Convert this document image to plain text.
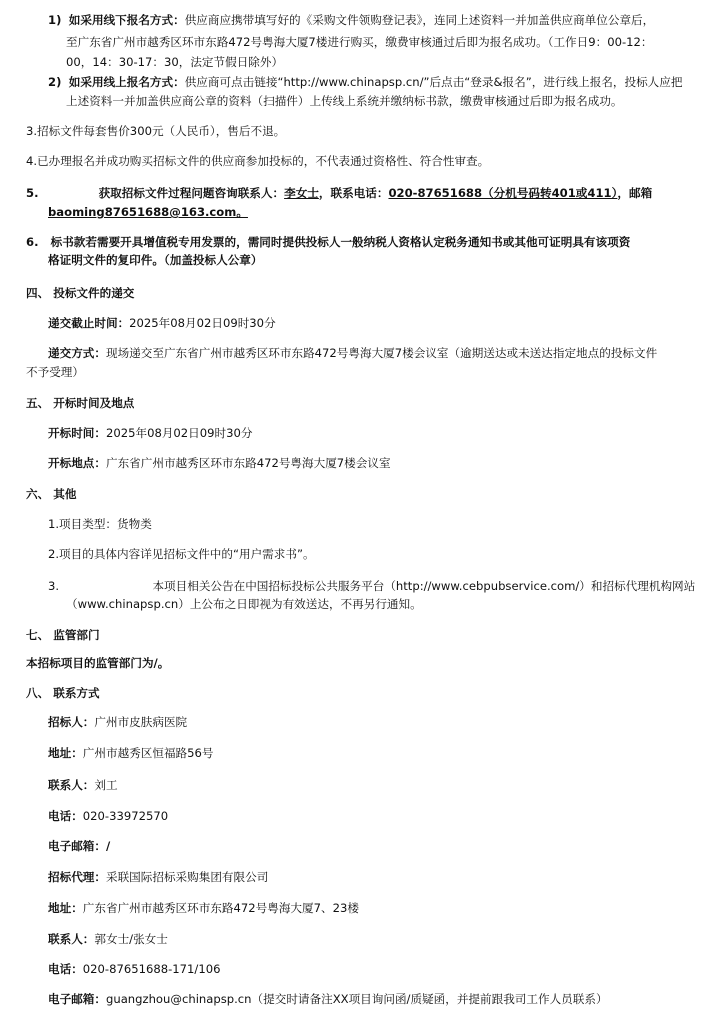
1) 如采用线下报名方式：供应商应携带填写好的《采购文件领购登记表》，连同上述资料一并加盖供应商单位公章后，
至广东省广州市越秀区环市东路472号粤海大厦7楼进行购买，缴费审核通过后即为报名成功。（工作日9：00-12：
00，14：30-17：30，法定节假日除外）
2) 如采用线上报名方式：供应商可点击链接“http://www.chinapsp.cn/”后点击“登录&报名”，进行线上报名，投标人应把
上述资料一并加盖供应商公章的资料（扫描件）上传线上系统并缴纳标书款，缴费审核通过后即为报名成功。
3.招标文件每套售价300元（人民币），售后不退。
4.已办理报名并成功购买招标文件的供应商参加投标的，不代表通过资格性、符合性审查。
5.	获取招标文件过程问题咨询联系人：李女士，联系电话：020-87651688（分机号码转401或411），邮箱
baoming87651688@163.com。
6. 标书款若需要开具增值税专用发票的，需同时提供投标人一般纳税人资格认定税务通知书或其他可证明具有该项资
格证明文件的复印件。（加盖投标人公章）
四、 投标文件的递交
递交截止时间：2025年08月02日09时30分
递交方式：现场递交至广东省广州市越秀区环市东路472号粤海大厦7楼会议室（逾期送达或未送达指定地点的投标文件
不予受理）
五、 开标时间及地点
开标时间：2025年08月02日09时30分
开标地点：广东省广州市越秀区环市东路472号粤海大厦7楼会议室
六、 其他
1.项目类型：货物类
2.项目的具体内容详见招标文件中的“用户需求书”。
3.	本项目相关公告在中国招标投标公共服务平台（http://www.cebpubservice.com/）和招标代理机构网站
（www.chinapsp.cn）上公布之日即视为有效送达，不再另行通知。
七、 监管部门
本招标项目的监管部门为/。
八、 联系方式
招标人：广州市皮肤病医院
地址：广州市越秀区恒福路56号
联系人：刘工
电话：020-33972570
电子邮箱：/
招标代理：采联国际招标采购集团有限公司
地址：广东省广州市越秀区环市东路472号粤海大厦7、23楼
联系人：郭女士/张女士
电话：020-87651688-171/106
电子邮箱：guangzhou@chinapsp.cn（提交时请备注XX项目询问函/质疑函，并提前跟我司工作人员联系）
